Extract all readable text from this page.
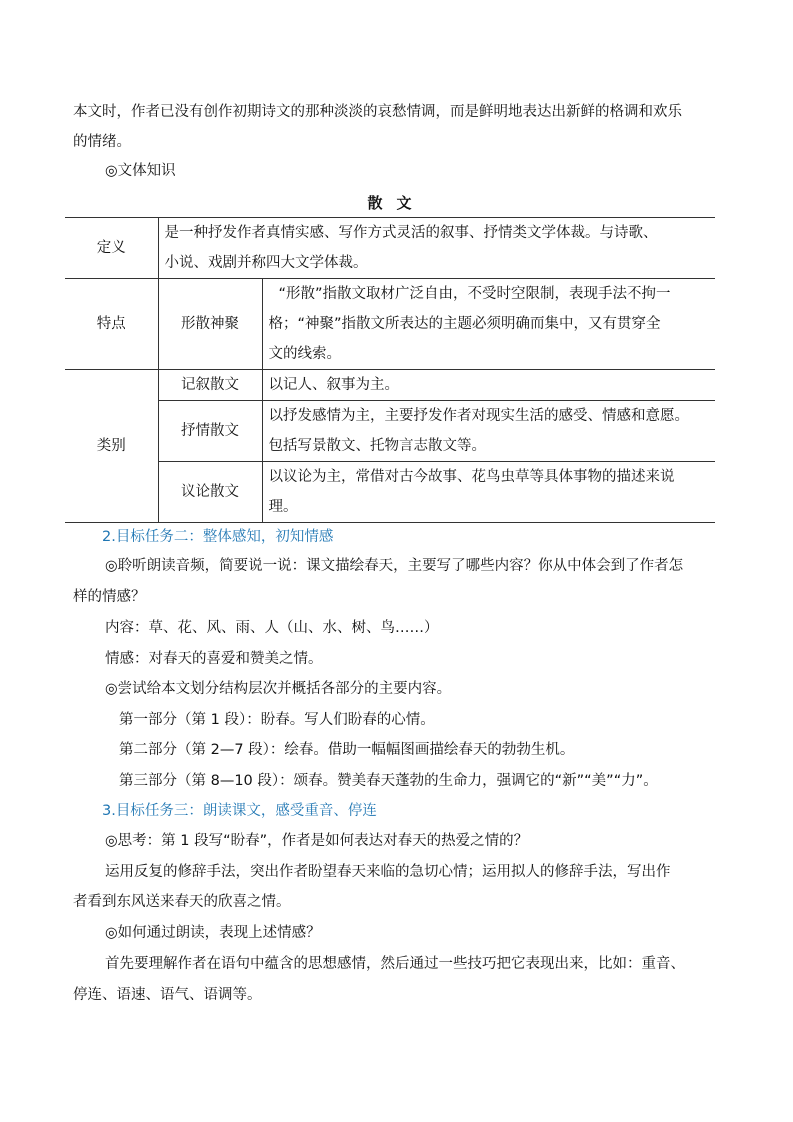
本文时，作者已没有创作初期诗文的那种淡淡的哀愁情调，而是鲜明地表达出新鲜的格调和欢乐
的情绪。
◎文体知识
散文
定义	是一种抒发作者真情实感、写作方式灵活的叙事、抒情类文学体裁。与诗歌、
小说、戏剧并称四大文学体裁。	

特点	形散神聚	“形散”指散文取材广泛自由，不受时空限制，表现手法不拘一
格；“神聚”指散文所表达的主题必须明确而集中，又有贯穿全
文的线索。

类别	记叙散文	以记人、叙事为主。

	抒情散文	以抒发感情为主，主要抒发作者对现实生活的感受、情感和意愿。
包括写景散文、托物言志散文等。

	议论散文	以议论为主，常借对古今故事、花鸟虫草等具体事物的描述来说
理。
2.目标任务二：整体感知，初知情感
◎聆听朗读音频，简要说一说：课文描绘春天，主要写了哪些内容？你从中体会到了作者怎
样的情感？
内容：草、花、风、雨、人（山、水、树、鸟……）
情感：对春天的喜爱和赞美之情。
◎尝试给本文划分结构层次并概括各部分的主要内容。
第一部分（第 1 段）：盼春。写人们盼春的心情。
第二部分（第 2—7 段）：绘春。借助一幅幅图画描绘春天的勃勃生机。
第三部分（第 8—10 段）：颂春。赞美春天蓬勃的生命力，强调它的“新”“美”“力”。
3.目标任务三：朗读课文，感受重音、停连
◎思考：第 1 段写“盼春”，作者是如何表达对春天的热爱之情的？
运用反复的修辞手法，突出作者盼望春天来临的急切心情；运用拟人的修辞手法，写出作
者看到东风送来春天的欣喜之情。
◎如何通过朗读，表现上述情感？
首先要理解作者在语句中蕴含的思想感情，然后通过一些技巧把它表现出来，比如：重音、
停连、语速、语气、语调等。
